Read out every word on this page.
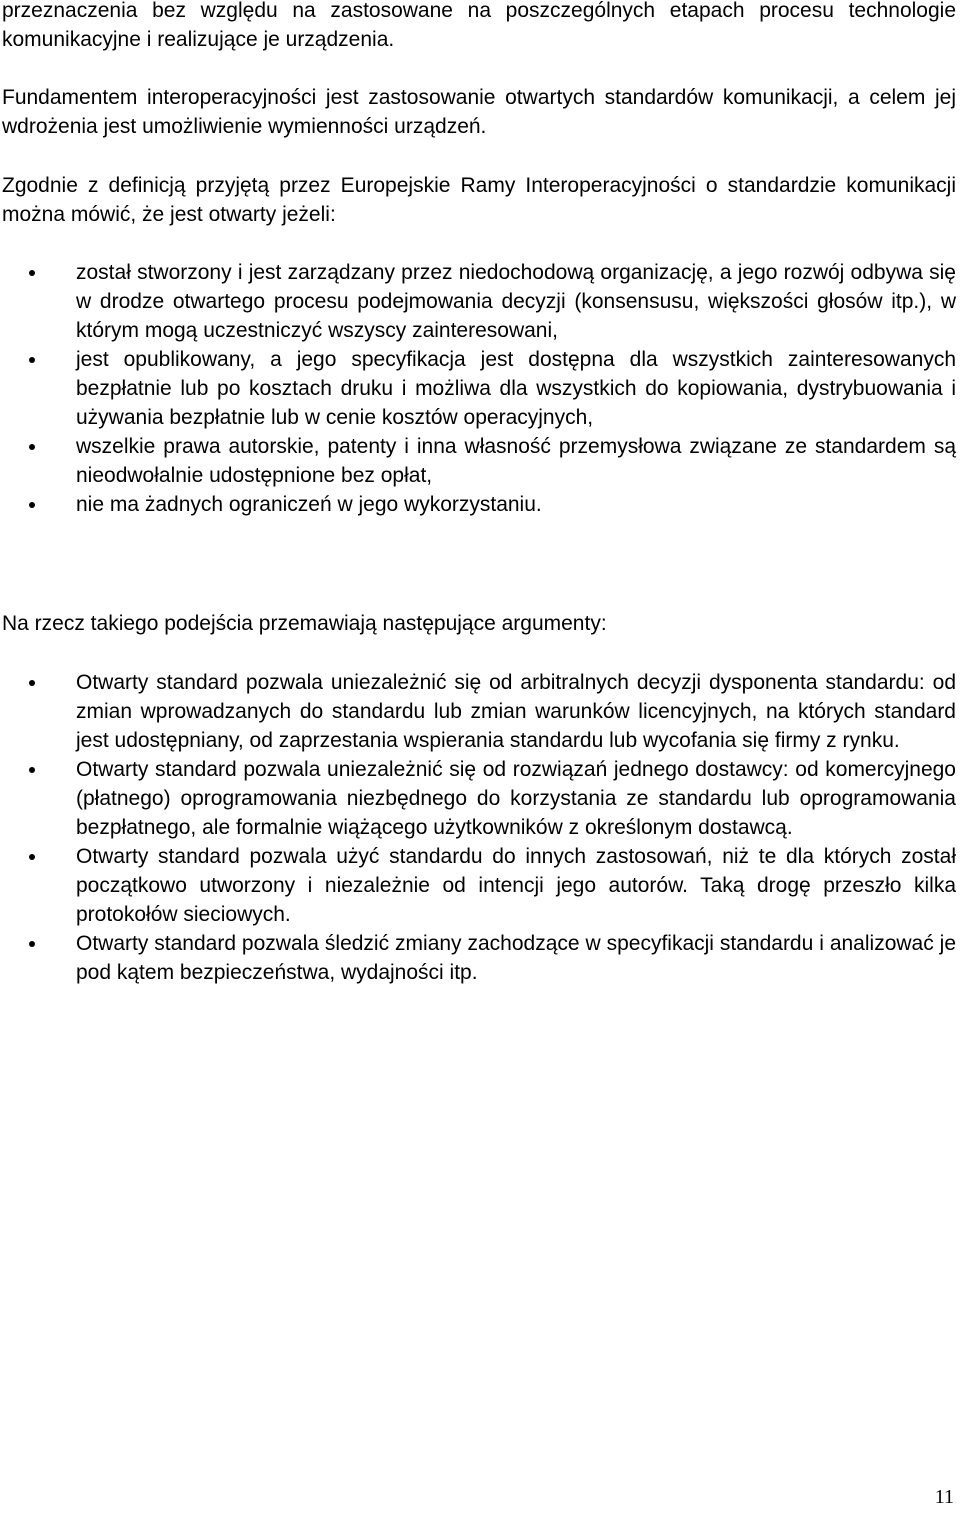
przeznaczenia bez względu na zastosowane na poszczególnych etapach procesu technologie komunikacyjne i realizujące je urządzenia.

Fundamentem interoperacyjności jest zastosowanie otwartych standardów komunikacji, a celem jej wdrożenia jest umożliwienie wymienności urządzeń.

Zgodnie z definicją przyjętą przez Europejskie Ramy Interoperacyjności o standardzie komunikacji można mówić, że jest otwarty jeżeli:

został stworzony i jest zarządzany przez niedochodową organizację, a jego rozwój odbywa się w drodze otwartego procesu podejmowania decyzji (konsensusu, większości głosów itp.), w którym mogą uczestniczyć wszyscy zainteresowani,
jest opublikowany, a jego specyfikacja jest dostępna dla wszystkich zainteresowanych bezpłatnie lub po kosztach druku i możliwa dla wszystkich do kopiowania, dystrybuowania i używania bezpłatnie lub w cenie kosztów operacyjnych,
wszelkie prawa autorskie, patenty i inna własność przemysłowa związane ze standardem są nieodwołalnie udostępnione bez opłat,
nie ma żadnych ograniczeń w jego wykorzystaniu.

Na rzecz takiego podejścia przemawiają następujące argumenty:

Otwarty standard pozwala uniezależnić się od arbitralnych decyzji dysponenta standardu: od zmian wprowadzanych do standardu lub zmian warunków licencyjnych, na których standard jest udostępniany, od zaprzestania wspierania standardu lub wycofania się firmy z rynku.
Otwarty standard pozwala uniezależnić się od rozwiązań jednego dostawcy: od komercyjnego (płatnego) oprogramowania niezbędnego do korzystania ze standardu lub oprogramowania bezpłatnego, ale formalnie wiążącego użytkowników z określonym dostawcą.
Otwarty standard pozwala użyć standardu do innych zastosowań, niż te dla których został początkowo utworzony i niezależnie od intencji jego autorów. Taką drogę przeszło kilka protokołów sieciowych.
Otwarty standard pozwala śledzić zmiany zachodzące w specyfikacji standardu i analizować je pod kątem bezpieczeństwa, wydajności itp.
11
